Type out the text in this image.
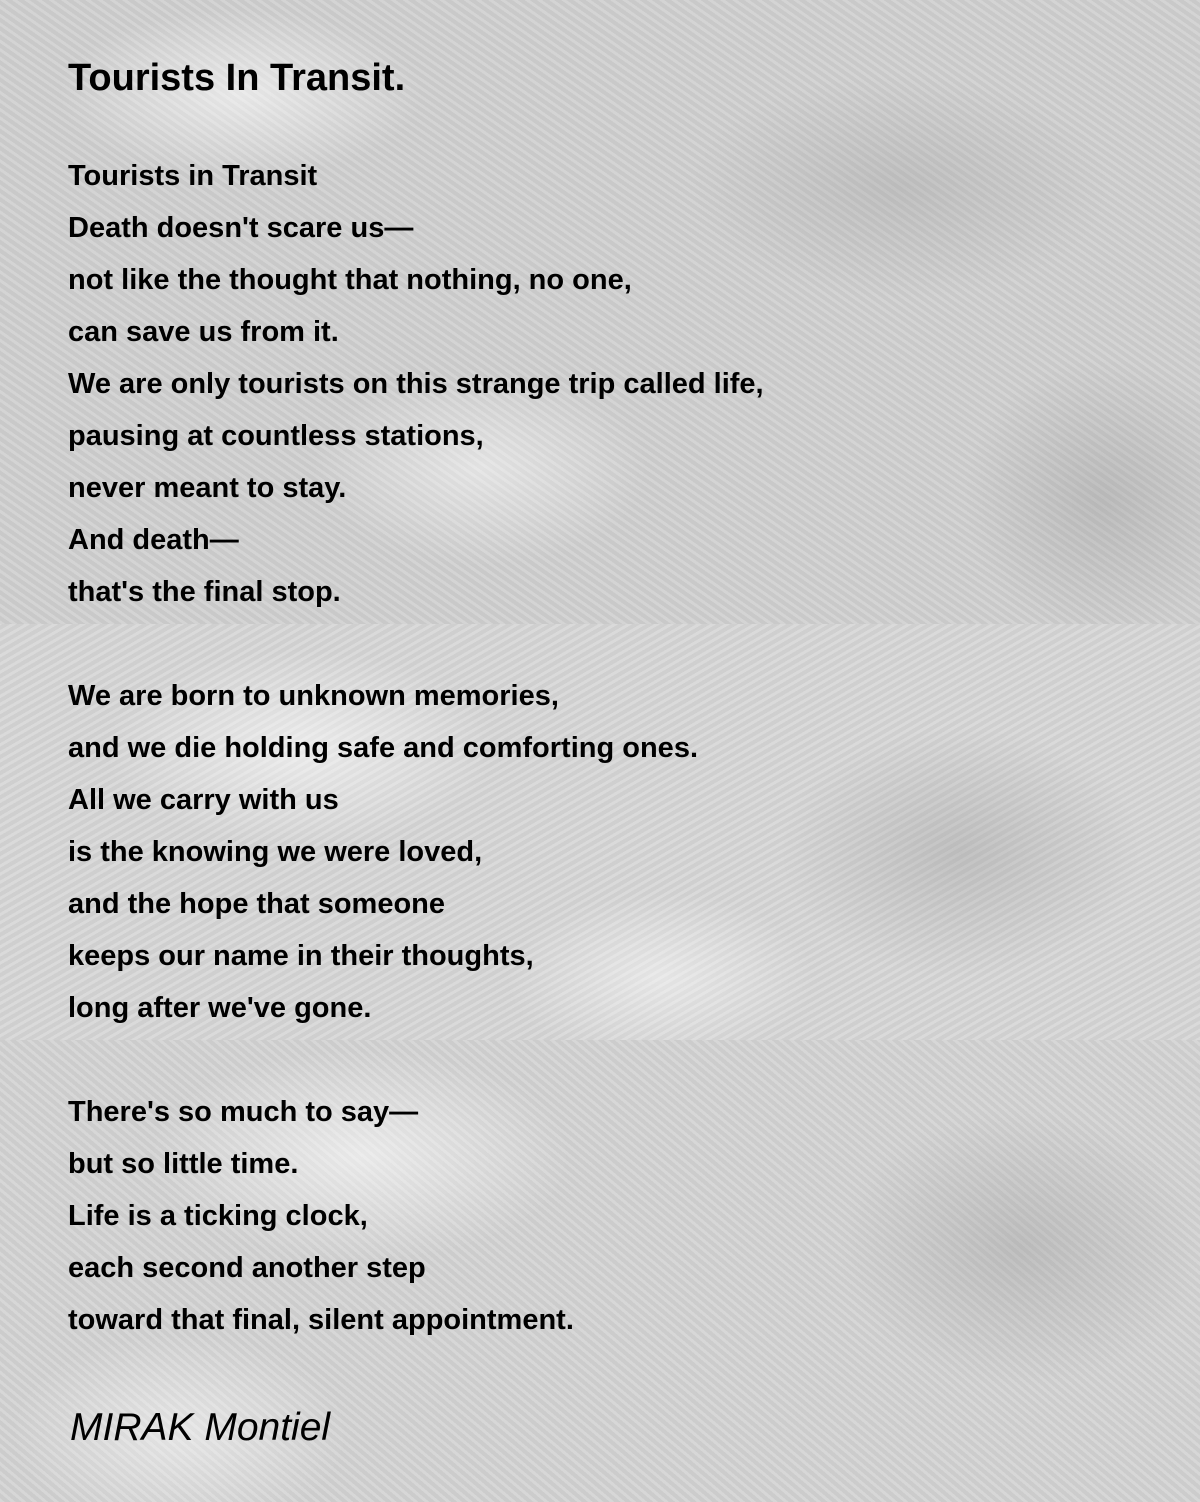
Tourists In Transit.
Tourists in Transit
Death doesn't scare us—
not like the thought that nothing, no one,
can save us from it.
We are only tourists on this strange trip called life,
pausing at countless stations,
never meant to stay.
And death—
that's the final stop.
We are born to unknown memories,
and we die holding safe and comforting ones.
All we carry with us
is the knowing we were loved,
and the hope that someone
keeps our name in their thoughts,
long after we've gone.
There's so much to say—
but so little time.
Life is a ticking clock,
each second another step
toward that final, silent appointment.
MIRAK Montiel
